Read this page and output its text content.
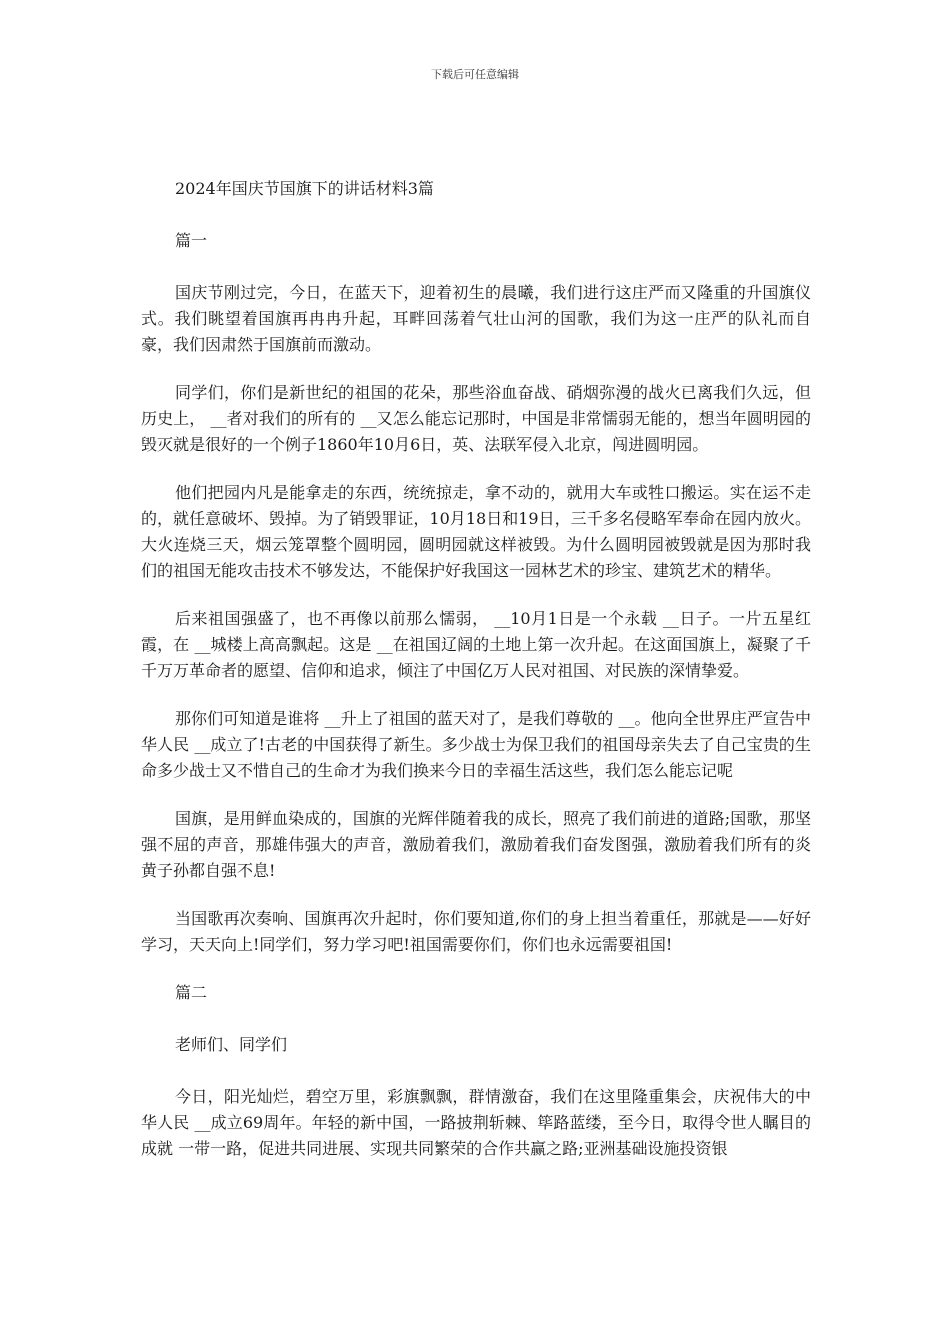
下载后可任意编辑
2024年国庆节国旗下的讲话材料3篇
篇一

国庆节刚过完，今日，在蓝天下，迎着初生的晨曦，我们进行这庄严而又隆重的升国旗仪式。我们眺望着国旗再冉冉升起，耳畔回荡着气壮山河的国歌，我们为这一庄严的队礼而自豪，我们因肃然于国旗前而激动。

同学们，你们是新世纪的祖国的花朵，那些浴血奋战、硝烟弥漫的战火已离我们久远，但历史上， __者对我们的所有的 __又怎么能忘记那时，中国是非常懦弱无能的，想当年圆明园的毁灭就是很好的一个例子1860年10月6日，英、法联军侵入北京，闯进圆明园。

他们把园内凡是能拿走的东西，统统掠走，拿不动的，就用大车或牲口搬运。实在运不走的，就任意破坏、毁掉。为了销毁罪证，10月18日和19日，三千多名侵略军奉命在园内放火。大火连烧三天，烟云笼罩整个圆明园，圆明园就这样被毁。为什么圆明园被毁就是因为那时我们的祖国无能攻击技术不够发达，不能保护好我国这一园林艺术的珍宝、建筑艺术的精华。

后来祖国强盛了，也不再像以前那么懦弱， __10月1日是一个永载 __日子。一片五星红霞，在 __城楼上高高飘起。这是 __在祖国辽阔的土地上第一次升起。在这面国旗上，凝聚了千千万万革命者的愿望、信仰和追求，倾注了中国亿万人民对祖国、对民族的深情挚爱。

那你们可知道是谁将 __升上了祖国的蓝天对了，是我们尊敬的 __。他向全世界庄严宣告中华人民 __成立了!古老的中国获得了新生。多少战士为保卫我们的祖国母亲失去了自己宝贵的生命多少战士又不惜自己的生命才为我们换来今日的幸福生活这些，我们怎么能忘记呢

国旗，是用鲜血染成的，国旗的光辉伴随着我的成长，照亮了我们前进的道路;国歌，那坚强不屈的声音，那雄伟强大的声音，激励着我们，激励着我们奋发图强，激励着我们所有的炎黄子孙都自强不息!

当国歌再次奏响、国旗再次升起时，你们要知道,你们的身上担当着重任，那就是——好好学习，天天向上!同学们，努力学习吧!祖国需要你们，你们也永远需要祖国!

篇二
老师们、同学们

今日，阳光灿烂，碧空万里，彩旗飘飘，群情激奋，我们在这里隆重集会，庆祝伟大的中华人民 __成立69周年。年轻的新中国，一路披荆斩棘、筚路蓝缕，至今日，取得令世人瞩目的成就 一带一路，促进共同进展、实现共同繁荣的合作共赢之路;亚洲基础设施投资银
